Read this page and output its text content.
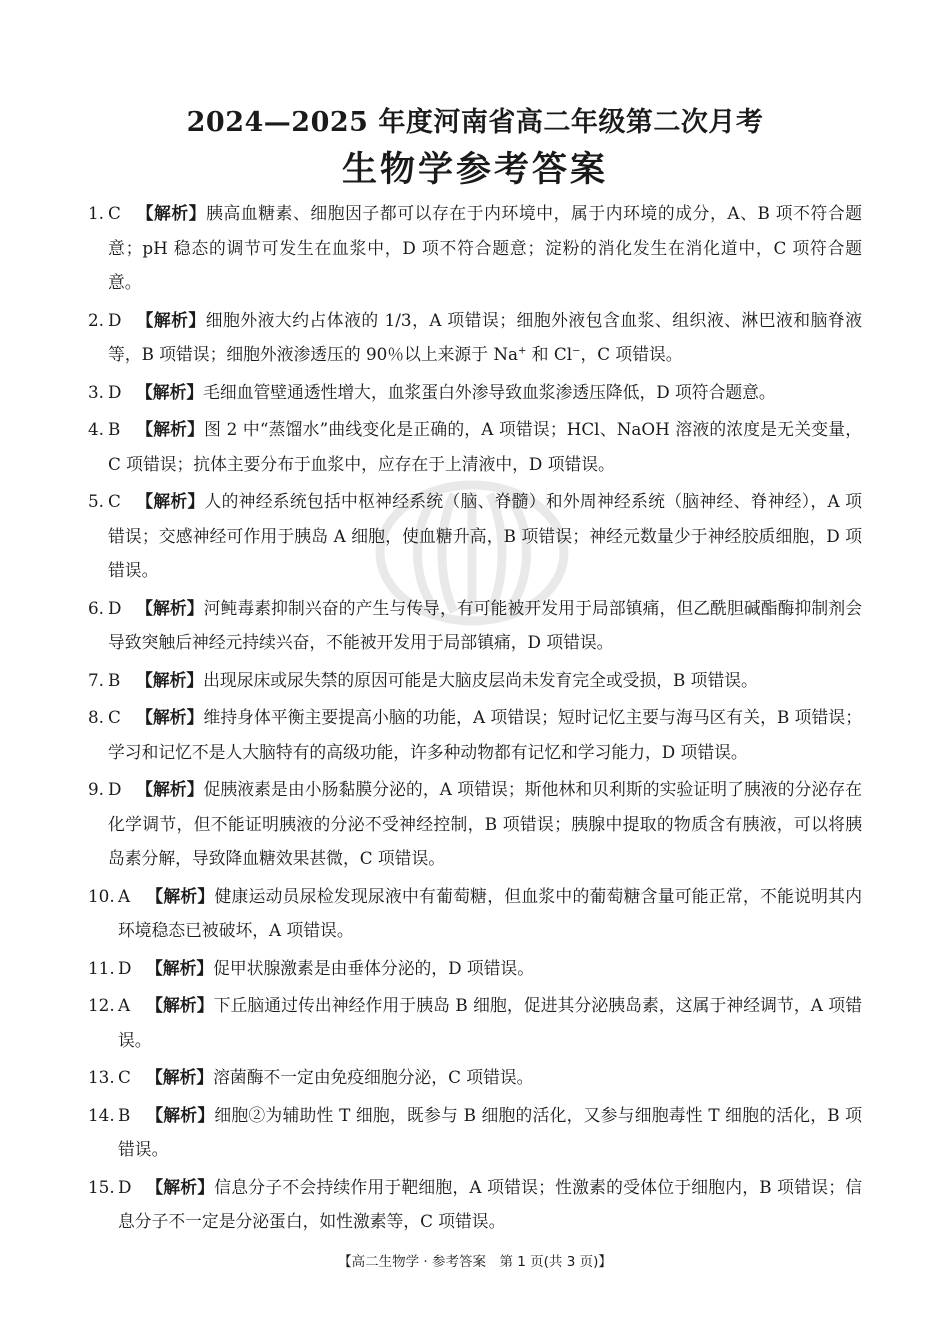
2024—2025 年度河南省高二年级第二次月考
生物学参考答案
1. C 【解析】胰高血糖素、细胞因子都可以存在于内环境中，属于内环境的成分，A、B 项不符合题意；pH 稳态的调节可发生在血浆中，D 项不符合题意；淀粉的消化发生在消化道中，C 项符合题意。
2. D 【解析】细胞外液大约占体液的 1/3，A 项错误；细胞外液包含血浆、组织液、淋巴液和脑脊液等，B 项错误；细胞外液渗透压的 90％以上来源于 Na+ 和 Cl−，C 项错误。
3. D 【解析】毛细血管壁通透性增大，血浆蛋白外渗导致血浆渗透压降低，D 项符合题意。
4. B 【解析】图 2 中“蒸馏水”曲线变化是正确的，A 项错误；HCl、NaOH 溶液的浓度是无关变量，C 项错误；抗体主要分布于血浆中，应存在于上清液中，D 项错误。
5. C 【解析】人的神经系统包括中枢神经系统（脑、脊髓）和外周神经系统（脑神经、脊神经），A 项错误；交感神经可作用于胰岛 A 细胞，使血糖升高，B 项错误；神经元数量少于神经胶质细胞，D 项错误。
6. D 【解析】河鲀毒素抑制兴奋的产生与传导，有可能被开发用于局部镇痛，但乙酰胆碱酯酶抑制剂会导致突触后神经元持续兴奋，不能被开发用于局部镇痛，D 项错误。
7. B 【解析】出现尿床或尿失禁的原因可能是大脑皮层尚未发育完全或受损，B 项错误。
8. C 【解析】维持身体平衡主要提高小脑的功能，A 项错误；短时记忆主要与海马区有关，B 项错误；学习和记忆不是人大脑特有的高级功能，许多种动物都有记忆和学习能力，D 项错误。
9. D 【解析】促胰液素是由小肠黏膜分泌的，A 项错误；斯他林和贝利斯的实验证明了胰液的分泌存在化学调节，但不能证明胰液的分泌不受神经控制，B 项错误；胰腺中提取的物质含有胰液，可以将胰岛素分解，导致降血糖效果甚微，C 项错误。
10. A 【解析】健康运动员尿检发现尿液中有葡萄糖，但血浆中的葡萄糖含量可能正常，不能说明其内环境稳态已被破坏，A 项错误。
11. D 【解析】促甲状腺激素是由垂体分泌的，D 项错误。
12. A 【解析】下丘脑通过传出神经作用于胰岛 B 细胞，促进其分泌胰岛素，这属于神经调节，A 项错误。
13. C 【解析】溶菌酶不一定由免疫细胞分泌，C 项错误。
14. B 【解析】细胞②为辅助性 T 细胞，既参与 B 细胞的活化，又参与细胞毒性 T 细胞的活化，B 项错误。
15. D 【解析】信息分子不会持续作用于靶细胞，A 项错误；性激素的受体位于细胞内，B 项错误；信息分子不一定是分泌蛋白，如性激素等，C 项错误。
【高二生物学 · 参考答案　第 1 页(共 3 页)】
